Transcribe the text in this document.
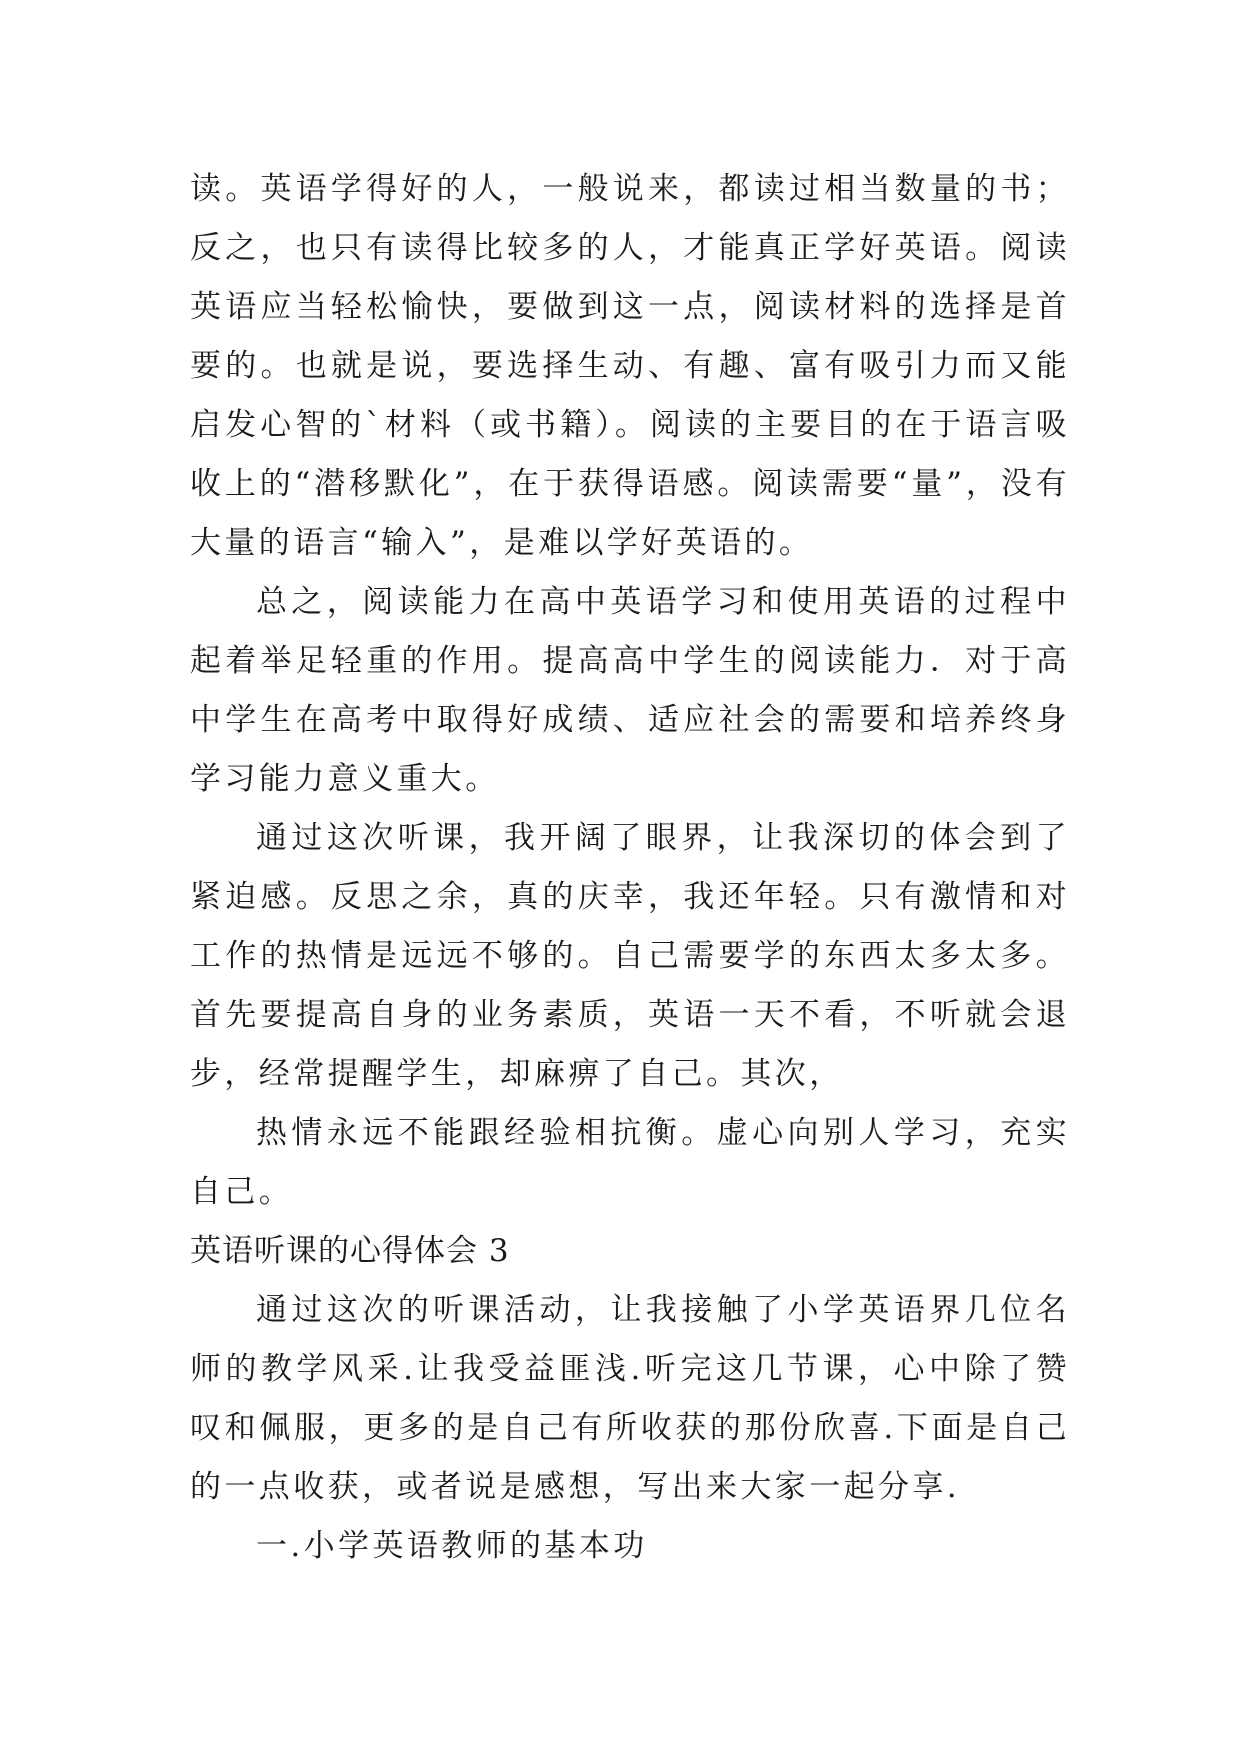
读。英语学得好的人，一般说来，都读过相当数量的书；反之，也只有读得比较多的人，才能真正学好英语。阅读英语应当轻松愉快，要做到这一点，阅读材料的选择是首要的。也就是说，要选择生动、有趣、富有吸引力而又能启发心智的`材料（或书籍）。阅读的主要目的在于语言吸收上的“潜移默化”，在于获得语感。阅读需要“量”，没有大量的语言“输入”，是难以学好英语的。

总之，阅读能力在高中英语学习和使用英语的过程中起着举足轻重的作用。提高高中学生的阅读能力．对于高中学生在高考中取得好成绩、适应社会的需要和培养终身学习能力意义重大。

通过这次听课，我开阔了眼界，让我深切的体会到了紧迫感。反思之余，真的庆幸，我还年轻。只有激情和对工作的热情是远远不够的。自己需要学的东西太多太多。首先要提高自身的业务素质，英语一天不看，不听就会退步，经常提醒学生，却麻痹了自己。其次，

热情永远不能跟经验相抗衡。虚心向别人学习，充实自己。

英语听课的心得体会 3

通过这次的听课活动，让我接触了小学英语界几位名师的教学风采.让我受益匪浅.听完这几节课，心中除了赞叹和佩服，更多的是自己有所收获的那份欣喜.下面是自己的一点收获，或者说是感想，写出来大家一起分享.

一.小学英语教师的基本功
